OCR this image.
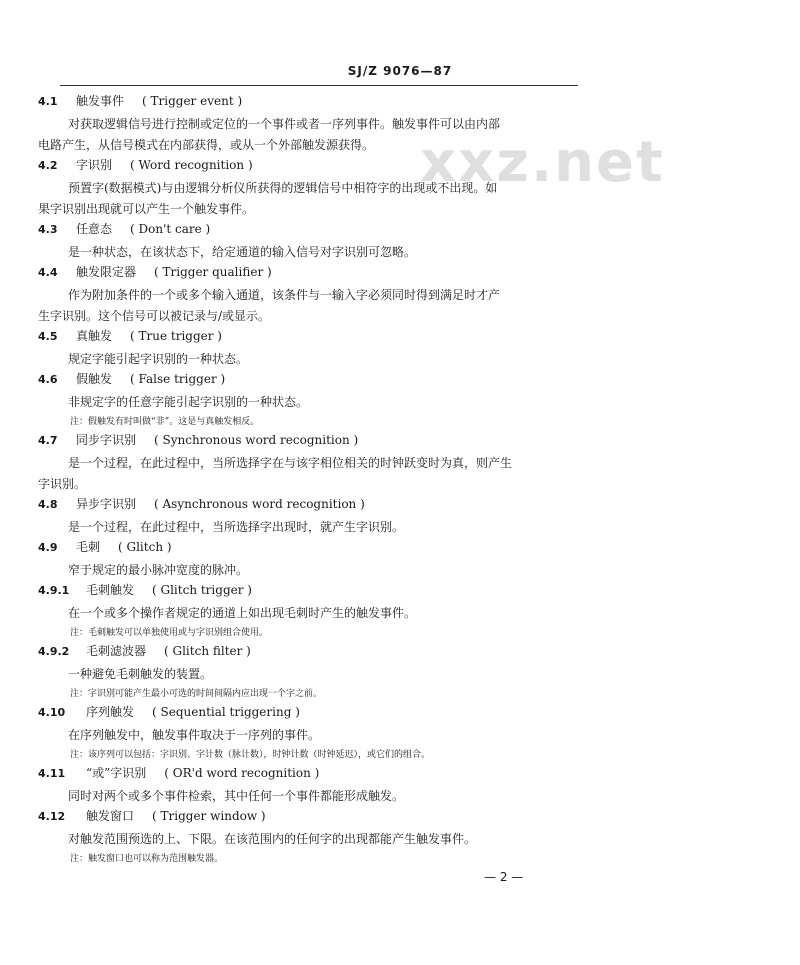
SJ/Z 9076—87
xxz.net
4.1	触发事件 ( Trigger event )
对获取逻辑信号进行控制或定位的一个事件或者一序列事件。触发事件可以由内部
电路产生，从信号模式在内部获得，或从一个外部触发源获得。
4.2	字识别 ( Word recognition )
预置字(数据模式)与由逻辑分析仪所获得的逻辑信号中相符字的出现或不出现。如
果字识别出现就可以产生一个触发事件。
4.3	任意态 ( Don't care )
是一种状态，在该状态下，给定通道的输入信号对字识别可忽略。
4.4	触发限定器 ( Trigger qualifier )
作为附加条件的一个或多个输入通道，该条件与一输入字必须同时得到满足时才产
生字识别。这个信号可以被记录与/或显示。
4.5	真触发 ( True trigger )
规定字能引起字识别的一种状态。
4.6	假触发 ( False trigger )
非规定字的任意字能引起字识别的一种状态。
注：假触发有时叫做“非”。这是与真触发相反。
4.7	同步字识别 ( Synchronous word recognition )
是一个过程，在此过程中，当所选择字在与该字相位相关的时钟跃变时为真，则产生
字识别。
4.8	异步字识别 ( Asynchronous word recognition )
是一个过程，在此过程中，当所选择字出现时，就产生字识别。
4.9	毛刺 ( Glitch )
窄于规定的最小脉冲宽度的脉冲。
4.9.1	毛刺触发 ( Glitch trigger )
在一个或多个操作者规定的通道上如出现毛刺时产生的触发事件。
注：毛刺触发可以单独使用或与字识别组合使用。
4.9.2	毛刺滤波器 ( Glitch filter )
一种避免毛刺触发的装置。
注：字识别可能产生最小可选的时间间隔内应出现一个字之前。
4.10	序列触发 ( Sequential triggering )
在序列触发中，触发事件取决于一序列的事件。
注：该序列可以包括：字识别、字计数（脉计数），时钟计数（时钟延迟），或它们的组合。
4.11	“或”字识别 ( OR'd word recognition )
同时对两个或多个事件检索，其中任何一个事件都能形成触发。
4.12	触发窗口 ( Trigger window )
对触发范围预选的上、下限。在该范围内的任何字的出现都能产生触发事件。
注：触发窗口也可以称为范围触发器。
— 2 —
